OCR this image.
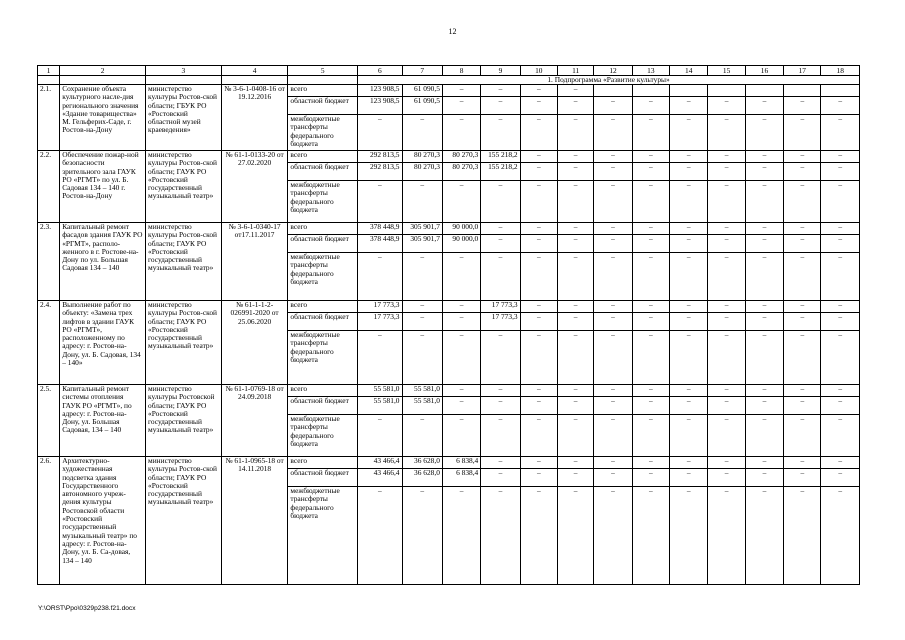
12
1	2	3	4	5	6	7	8	9	10	11	12	13	14	15	16	17	18
					1. Подпрограмма «Развитие культуры»												
2.1.	Сохранение объекта культурного насле-дия регионального значения «Здание товарищества» М. Гельферих-Саде, г. Ростов-на-Дону	министерство культуры Ростов-ской области; ГБУК РО «Ростовский областной музей краеведения»	№ 3-6-1-0408-16 от 19.12.2016	всего	123 908,5	61 090,5	–	–	–	–							
				областной бюджет	123 908,5	61 090,5	–	–	–	–	–	–	–	–	–	–	–
				межбюджетные трансферты федерального бюджета	–	–	–	–	–	–	–	–	–	–	–	–	–
2.2.	Обеспечение пожар-ной безопасности зрительного зала ГАУК РО «РГМТ» по ул. Б. Садовая 134 – 140 г. Ростов-на-Дону	министерство культуры Ростов-ской области; ГАУК РО «Ростовский государственный музыкальный театр»	№ 61-1-0133-20 от 27.02.2020	всего	292 813,5	80 270,3	80 270,3	155 218,2	–	–	–	–	–	–	–	–	–
				областной бюджет	292 813,5	80 270,3	80 270,3	155 218,2	–	–	–	–	–	–	–	–	–
				межбюджетные трансферты федерального бюджета	–	–	–	–	–	–	–	–	–	–	–	–	–
2.3.	Капитальный ремонт фасадов здания ГАУК РО «РГМТ», располо-женного в г. Ростове-на-Дону по ул. Большая Садовая 134 – 140	министерство культуры Ростов-ской области; ГАУК РО «Ростовский государственный музыкальный театр»	№ 3-6-1-0340-17 от17.11.2017	всего	378 448,9	305 901,7	90 000,0	–	–	–	–	–	–	–	–	–	–
				областной бюджет	378 448,9	305 901,7	90 000,0	–	–	–	–	–	–	–	–	–	–
				межбюджетные трансферты федерального бюджета	–	–	–	–	–	–	–	–	–	–	–	–	–
2.4.	Выполнение работ по объекту: «Замена трех лифтов в здании ГАУК РО «РГМТ», расположенному по адресу: г. Ростов-на-Дону, ул. Б. Садовая, 134 – 140»	министерство культуры Ростов-ской области; ГАУК РО «Ростовский государственный музыкальный театр»	№ 61-1-1-2-026991-2020 от 25.06.2020	всего	17 773,3	–	–	17 773,3	–	–	–	–	–	–	–	–	–
				областной бюджет	17 773,3	–	–	17 773,3	–	–	–	–	–	–	–	–	–
				межбюджетные трансферты федерального бюджета	–	–	–	–	–	–	–	–	–	–	–	–	–
2.5.	Капитальный ремонт системы отопления ГАУК РО «РГМТ», по адресу: г. Ростов-на-Дону, ул. Большая Садовая, 134 – 140	министерство культуры Ростовской области; ГАУК РО «Ростовский государственный музыкальный театр»	№ 61-1-0769-18 от 24.09.2018	всего	55 581,0	55 581,0	–	–	–	–	–	–	–	–	–	–	–
				областной бюджет	55 581,0	55 581,0	–	–	–	–	–	–	–	–	–	–	–
				межбюджетные трансферты федерального бюджета	–	–	–	–	–	–	–	–	–	–	–	–	–
2.6.	Архитектурно-художественная подсветка здания Государственного автономного учреж-дения культуры Ростовской области «Ростовский государственный музыкальный театр» по адресу: г. Ростов-на-Дону, ул. Б. Са-довая, 134 – 140	министерство культуры Ростов-ской области; ГАУК РО «Ростовский государственный музыкальный театр»	№ 61-1-0965-18 от 14.11.2018	всего	43 466,4	36 628,0	6 838,4	–	–	–	–	–	–	–	–	–	–
				областной бюджет	43 466,4	36 628,0	6 838,4	–	–	–	–	–	–	–	–	–	–
				межбюджетные трансферты федерального бюджета	–	–	–	–	–	–	–	–	–	–	–	–	–
Y:\ORST\Ppo\0329p238.f21.docx
